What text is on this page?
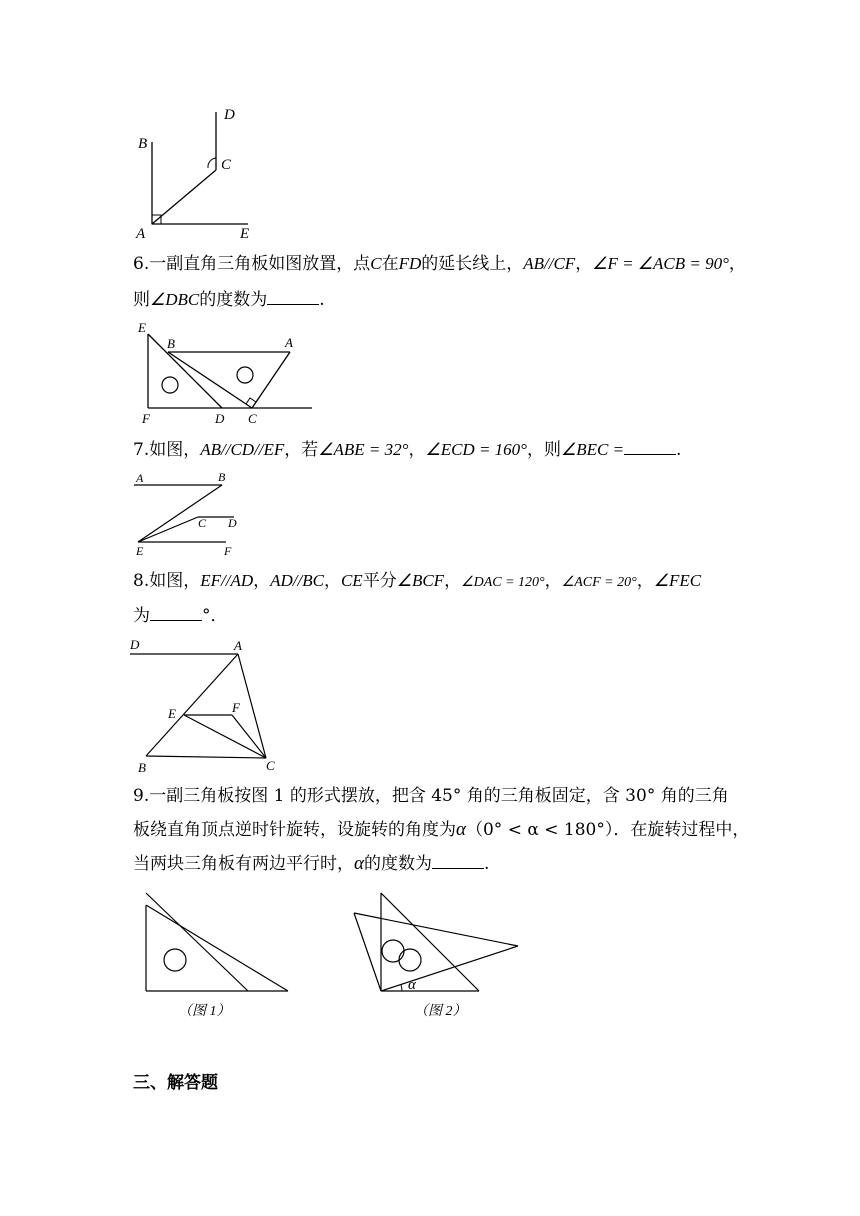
B
D
C
A	E
6.一副直角三角板如图放置，点C在FD的延长线上，AB//CF，∠F = ∠ACB = 90°，
则∠DBC的度数为	.
E
B	A
F	D C
7.如图，AB//CD//EF，若∠ABE = 32°，∠ECD = 160°，则∠BEC =	.
A	B
C D
E	F
8.如图，EF//AD，AD//BC，CE平分∠BCF，∠DAC = 120°，∠ACF = 20°，∠FEC
为	°．
D	A
E	F
B	C
9.一副三角板按图 1 的形式摆放，把含 45° 角的三角板固定，含 30° 角的三角
板绕直角顶点逆时针旋转，设旋转的角度为α（0° < α < 180°）．在旋转过程中，
当两块三角板有两边平行时，α的度数为	.
（图 1）
α
（图 2）
三、解答题
